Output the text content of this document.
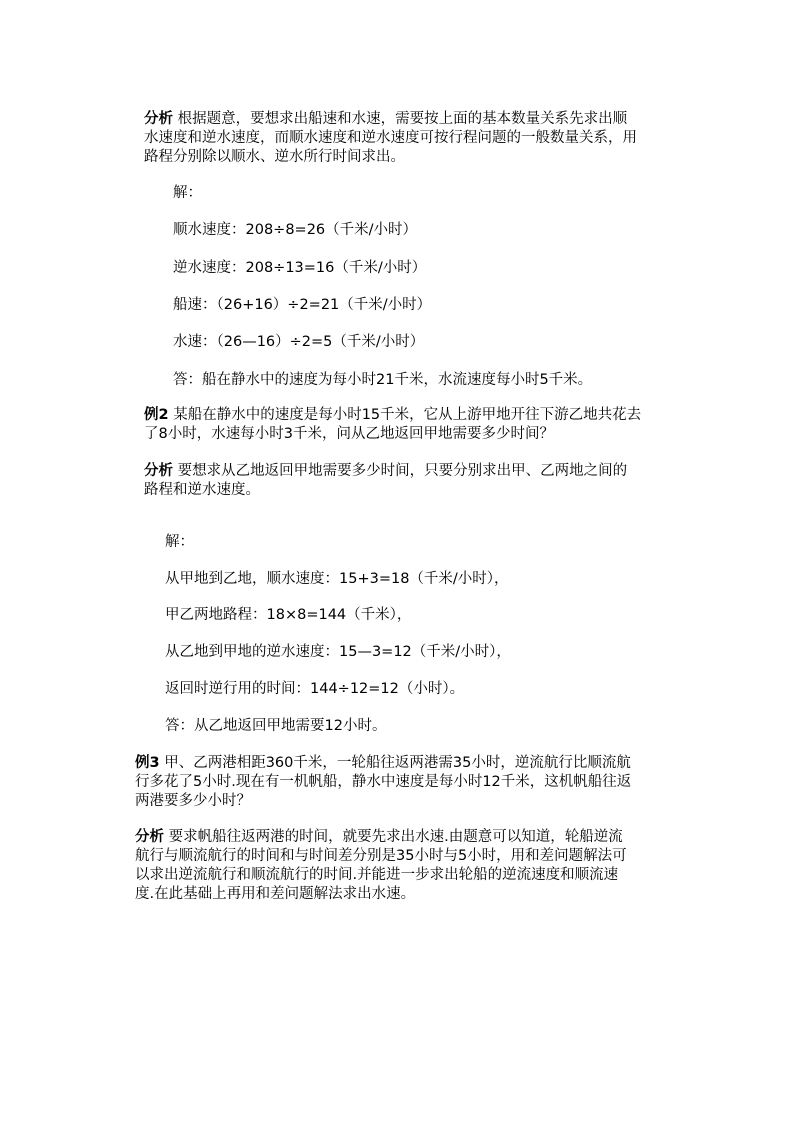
分析 根据题意，要想求出船速和水速，需要按上面的基本数量关系先求出顺
水速度和逆水速度，而顺水速度和逆水速度可按行程问题的一般数量关系，用
路程分别除以顺水、逆水所行时间求出。
解：
顺水速度：208÷8=26（千米/小时）
逆水速度：208÷13=16（千米/小时）
船速：（26+16）÷2=21（千米/小时）
水速：（26—16）÷2=5（千米/小时）
答：船在静水中的速度为每小时21千米，水流速度每小时5千米。
例2 某船在静水中的速度是每小时15千米，它从上游甲地开往下游乙地共花去
了8小时，水速每小时3千米，问从乙地返回甲地需要多少时间？
分析 要想求从乙地返回甲地需要多少时间，只要分别求出甲、乙两地之间的
路程和逆水速度。
解：
从甲地到乙地，顺水速度：15+3=18（千米/小时），
甲乙两地路程：18×8=144（千米），
从乙地到甲地的逆水速度：15—3=12（千米/小时），
返回时逆行用的时间：144÷12=12（小时）。
答：从乙地返回甲地需要12小时。
例3 甲、乙两港相距360千米，一轮船往返两港需35小时，逆流航行比顺流航
行多花了5小时.现在有一机帆船，静水中速度是每小时12千米，这机帆船往返
两港要多少小时？
分析 要求帆船往返两港的时间，就要先求出水速.由题意可以知道，轮船逆流
航行与顺流航行的时间和与时间差分别是35小时与5小时，用和差问题解法可
以求出逆流航行和顺流航行的时间.并能进一步求出轮船的逆流速度和顺流速
度.在此基础上再用和差问题解法求出水速。
